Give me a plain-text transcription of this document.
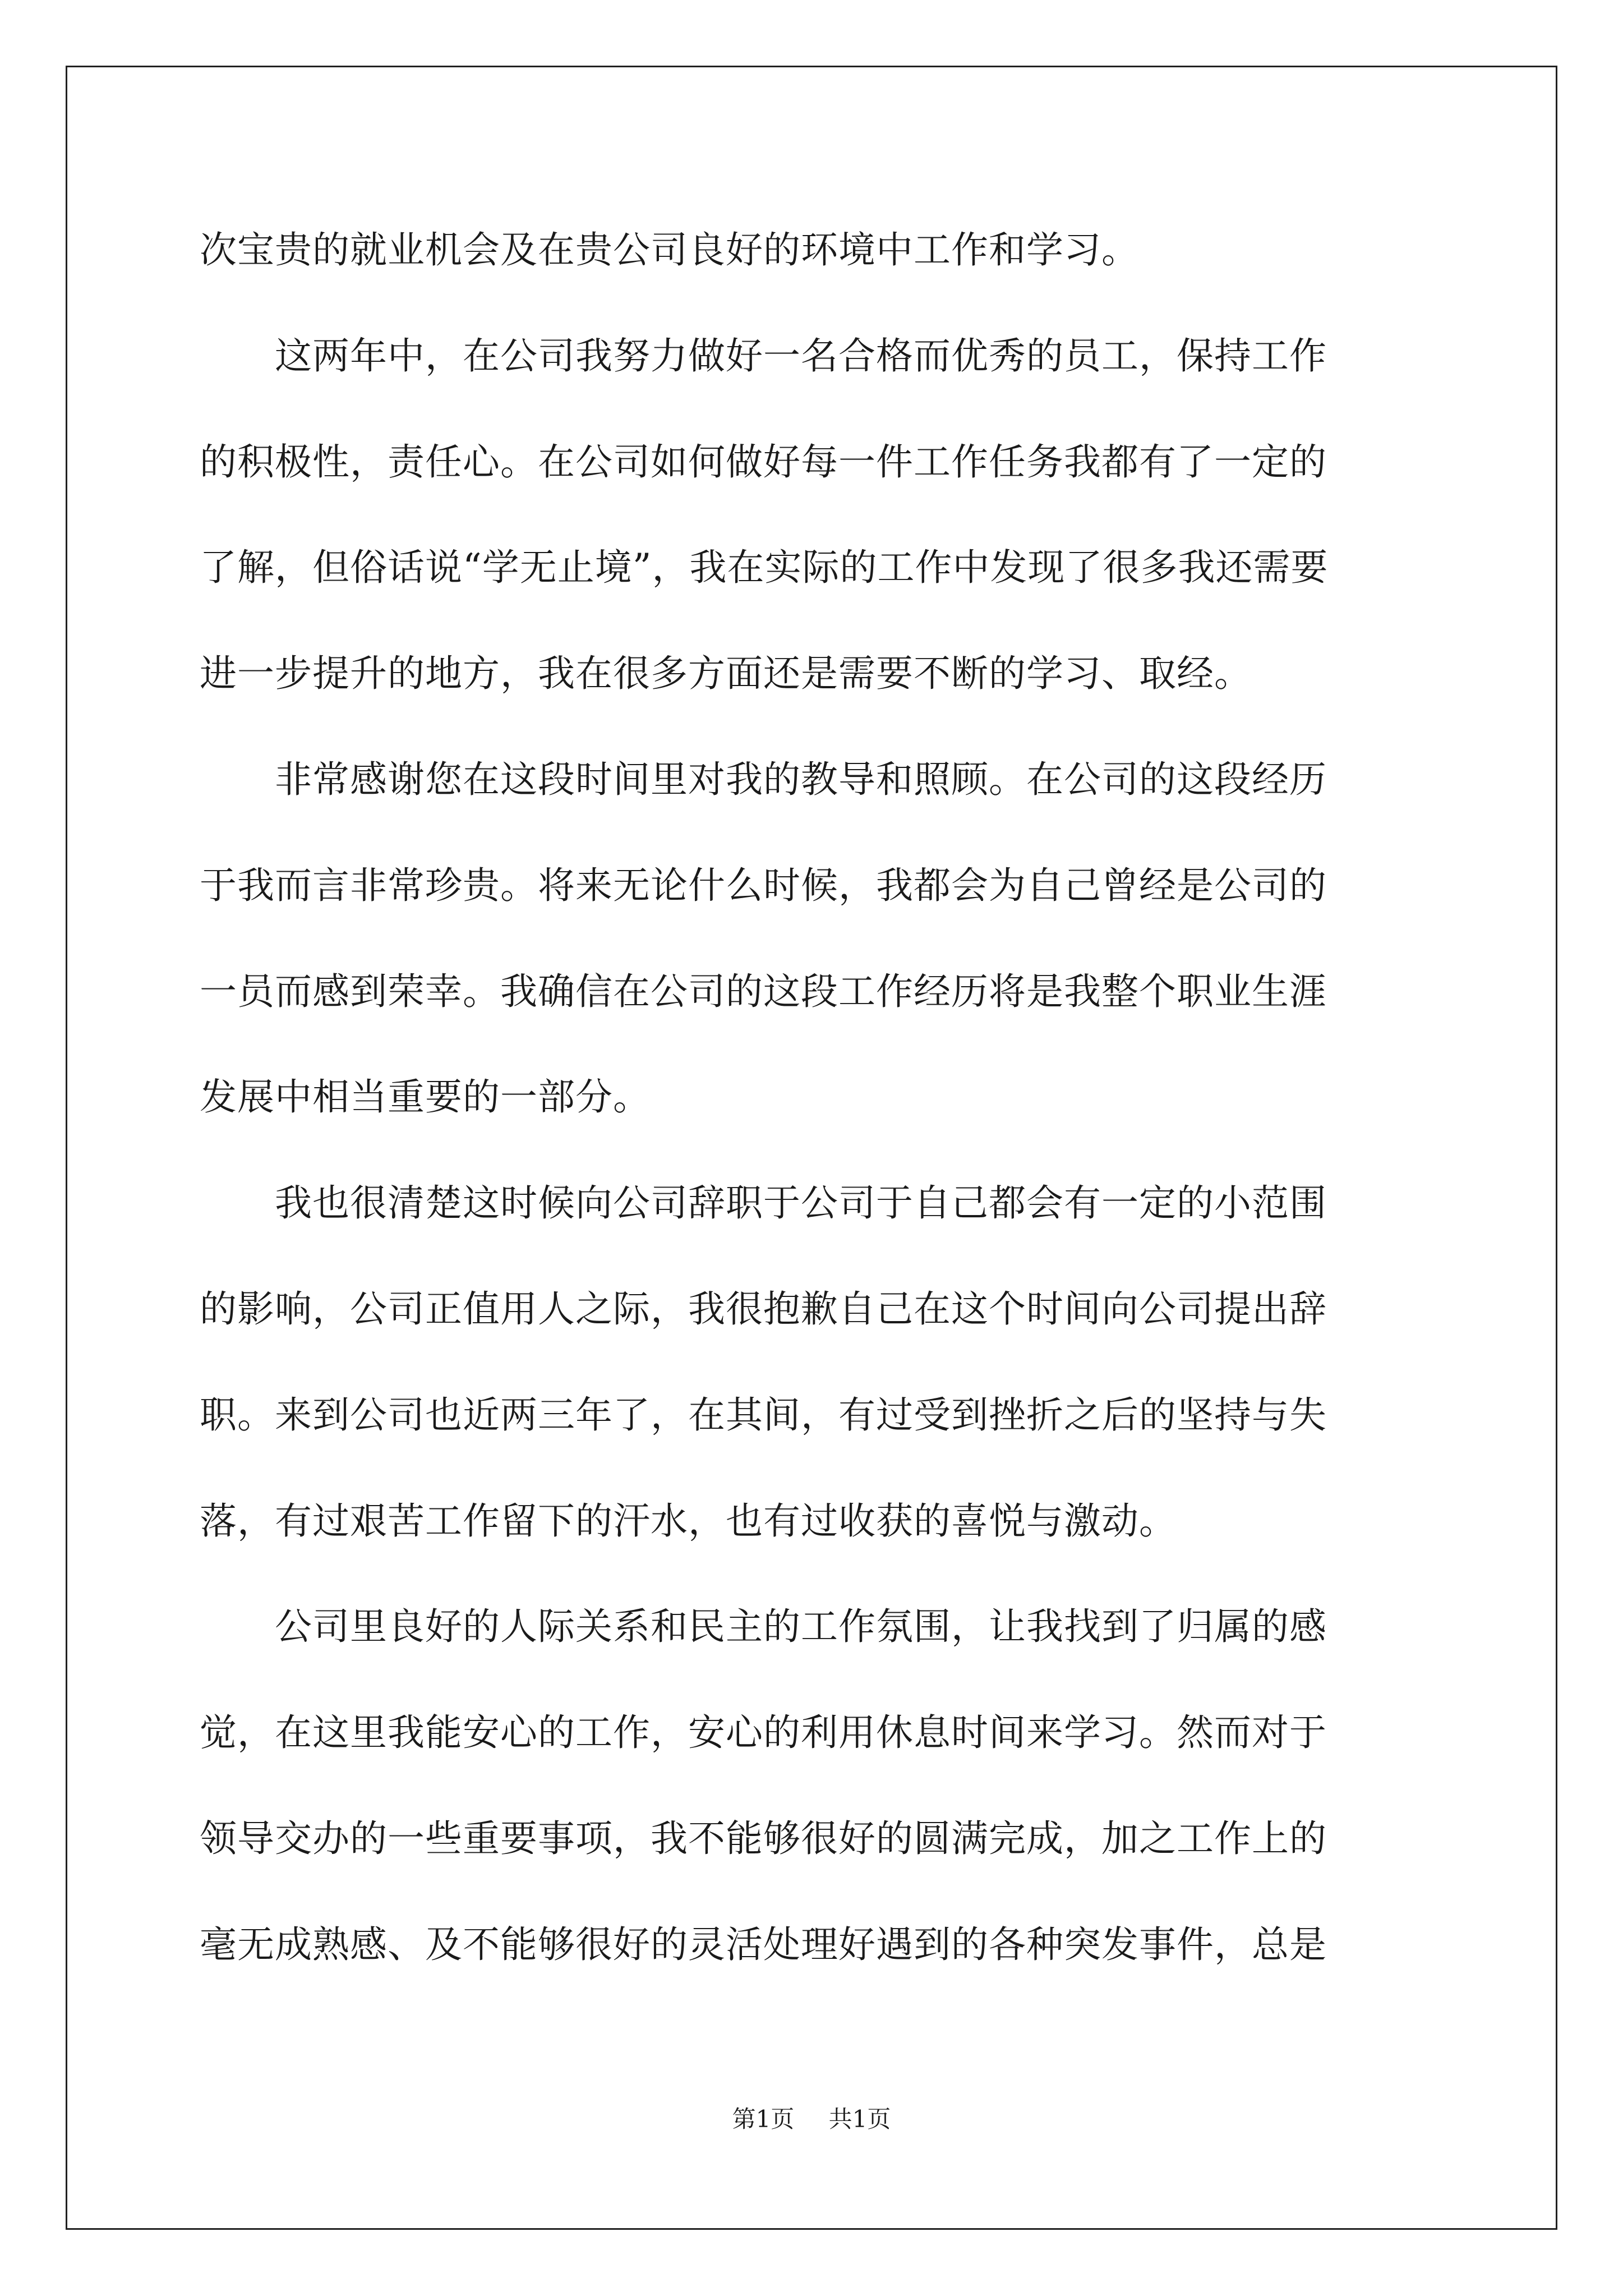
次宝贵的就业机会及在贵公司良好的环境中工作和学习。
　　这两年中，在公司我努力做好一名合格而优秀的员工，保持工作
的积极性，责任心。在公司如何做好每一件工作任务我都有了一定的
了解，但俗话说“学无止境”，我在实际的工作中发现了很多我还需要
进一步提升的地方，我在很多方面还是需要不断的学习、取经。
　　非常感谢您在这段时间里对我的教导和照顾。在公司的这段经历
于我而言非常珍贵。将来无论什么时候，我都会为自己曾经是公司的
一员而感到荣幸。我确信在公司的这段工作经历将是我整个职业生涯
发展中相当重要的一部分。
　　我也很清楚这时候向公司辞职于公司于自己都会有一定的小范围
的影响，公司正值用人之际，我很抱歉自己在这个时间向公司提出辞
职。来到公司也近两三年了，在其间，有过受到挫折之后的坚持与失
落，有过艰苦工作留下的汗水，也有过收获的喜悦与激动。
　　公司里良好的人际关系和民主的工作氛围，让我找到了归属的感
觉，在这里我能安心的工作，安心的利用休息时间来学习。然而对于
领导交办的一些重要事项，我不能够很好的圆满完成，加之工作上的
毫无成熟感、及不能够很好的灵活处理好遇到的各种突发事件，总是
第1页 共1页
